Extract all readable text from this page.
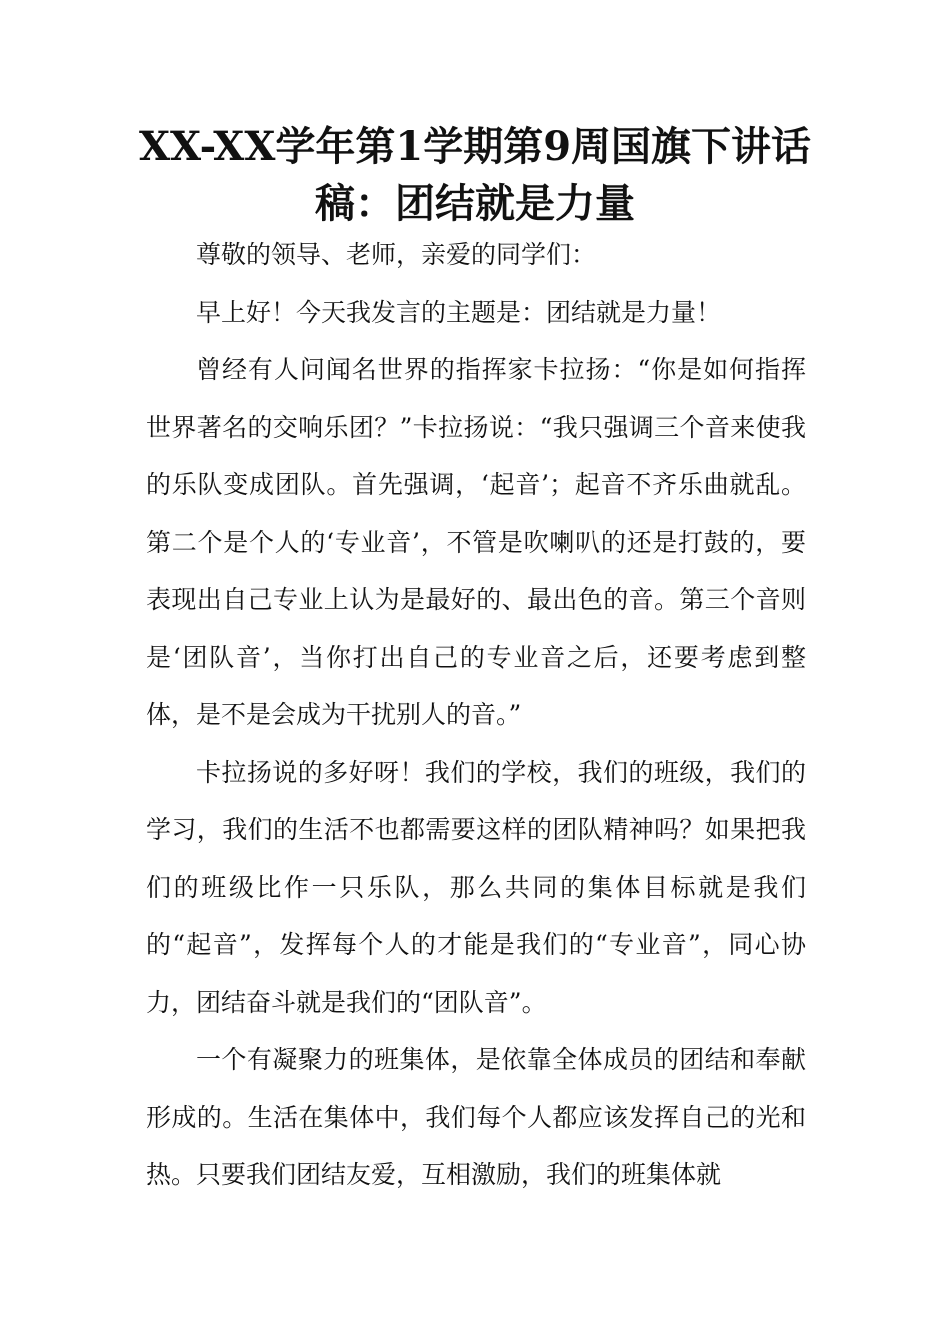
XX-XX学年第1学期第9周国旗下讲话稿：团结就是力量

尊敬的领导、老师，亲爱的同学们：

早上好！今天我发言的主题是：团结就是力量！

曾经有人问闻名世界的指挥家卡拉扬：“你是如何指挥世界著名的交响乐团？”卡拉扬说：“我只强调三个音来使我的乐队变成团队。首先强调，‘起音’；起音不齐乐曲就乱。第二个是个人的‘专业音’，不管是吹喇叭的还是打鼓的，要表现出自己专业上认为是最好的、最出色的音。第三个音则是‘团队音’，当你打出自己的专业音之后，还要考虑到整体，是不是会成为干扰别人的音。”

卡拉扬说的多好呀！我们的学校，我们的班级，我们的学习，我们的生活不也都需要这样的团队精神吗？如果把我们的班级比作一只乐队，那么共同的集体目标就是我们的“起音”，发挥每个人的才能是我们的“专业音”，同心协力，团结奋斗就是我们的“团队音”。

一个有凝聚力的班集体，是依靠全体成员的团结和奉献形成的。生活在集体中，我们每个人都应该发挥自己的光和热。只要我们团结友爱，互相激励，我们的班集体就
